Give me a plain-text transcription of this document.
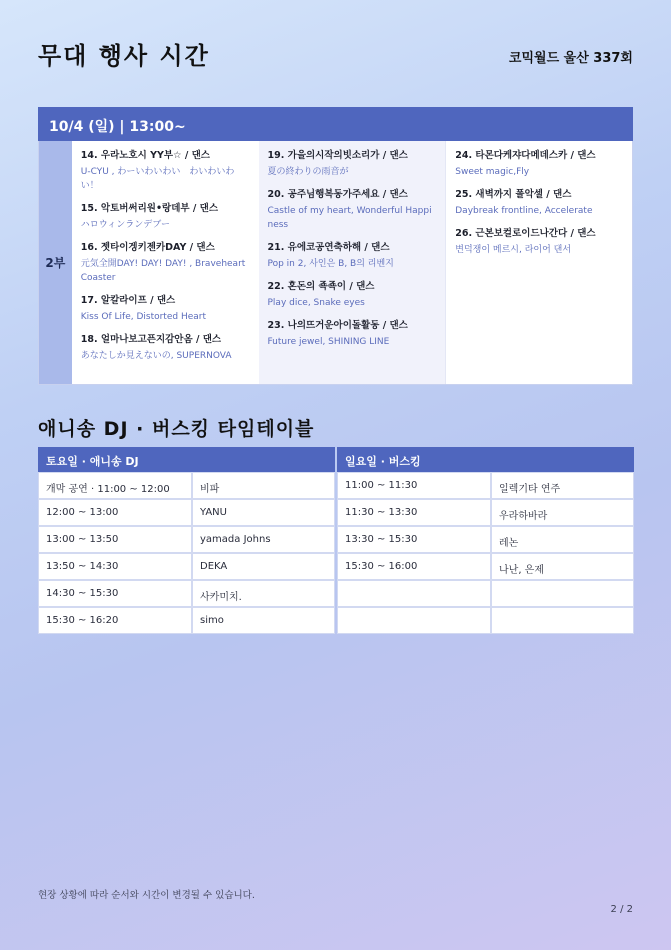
무대 행사 시간	코믹월드 울산 337회
10/4 (일) | 13:00~
2부
14. 우라노호시 YY부☆ / 댄스
U-CYU , わーいわいわい　わいわいわい！
15. 악토버써리원•랑데부 / 댄스
ハロウィンランデブー
16. 젯타이겡키젠카DAY / 댄스
元気全開DAY! DAY! DAY! , Braveheart Coaster
17. 알칼라이프 / 댄스
Kiss Of Life, Distorted Heart
18. 얼마나보고픈지감안옴 / 댄스
あなたしか見えないの, SUPERNOVA
19. 가을의시작의빗소리가 / 댄스
夏の終わりの雨音が
20. 공주님행복동가주세요 / 댄스
Castle of my heart, Wonderful Happiness
21. 유에코공연축하해 / 댄스
Pop in 2, 사인은 B, B의 리벤지
22. 혼돈의 죡죡이 / 댄스
Play dice, Snake eyes
23. 나의뜨거운아이돌활동 / 댄스
Future jewel, SHINING LINE
24. 타몬다케쟈다메데스카 / 댄스
Sweet magic,Fly
25. 새벽까지 폴악셀 / 댄스
Daybreak frontline, Accelerate
26. 근본보컬로이드나간다 / 댄스
변덕쟁이 메르시, 라이어 댄서
애니송 DJ · 버스킹 타임테이블
토요일 · 애니송 DJ
개막 공연 · 11:00 ~ 12:00	비파
12:00 ~ 13:00	YANU
13:00 ~ 13:50	yamada Johns
13:50 ~ 14:30	DEKA
14:30 ~ 15:30	사카미치.
15:30 ~ 16:20	simo
일요일 · 버스킹
11:00 ~ 11:30	일렉기타 연주
11:30 ~ 13:30	우라하바라
13:30 ~ 15:30	레논
15:30 ~ 16:00	나난, 은제
현장 상황에 따라 순서와 시간이 변경될 수 있습니다.
2 / 2
